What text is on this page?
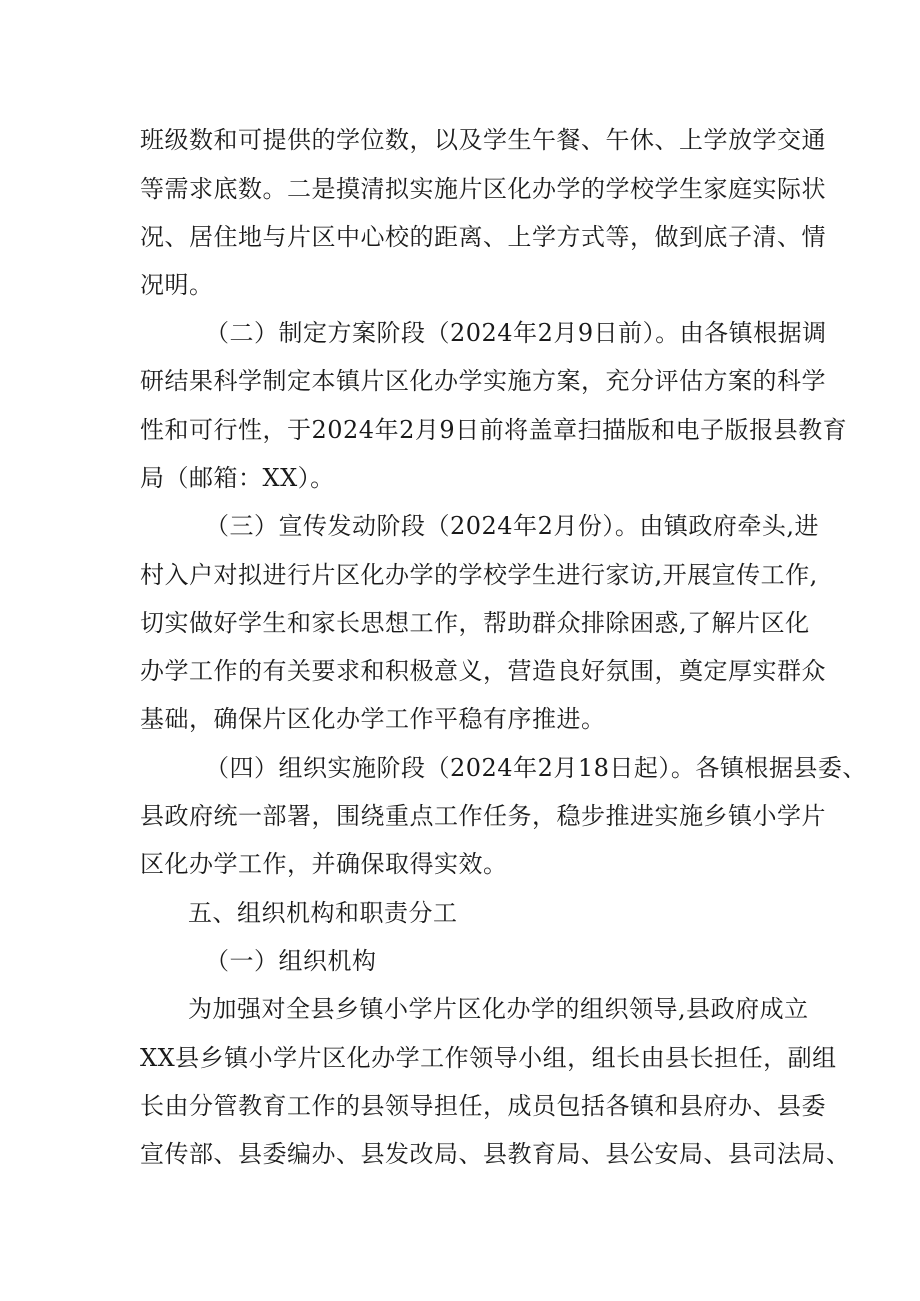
班级数和可提供的学位数，以及学生午餐、午休、上学放学交通
等需求底数。二是摸清拟实施片区化办学的学校学生家庭实际状
况、居住地与片区中心校的距离、上学方式等，做到底子清、情
况明。
（二）制定方案阶段（2024年2月9日前）。由各镇根据调
研结果科学制定本镇片区化办学实施方案，充分评估方案的科学
性和可行性，于2024年2月9日前将盖章扫描版和电子版报县教育
局（邮箱：XX）。
（三）宣传发动阶段（2024年2月份）。由镇政府牵头,进
村入户对拟进行片区化办学的学校学生进行家访,开展宣传工作,
切实做好学生和家长思想工作，帮助群众排除困惑,了解片区化
办学工作的有关要求和积极意义，营造良好氛围，奠定厚实群众
基础，确保片区化办学工作平稳有序推进。
（四）组织实施阶段（2024年2月18日起）。各镇根据县委、
县政府统一部署，围绕重点工作任务，稳步推进实施乡镇小学片
区化办学工作，并确保取得实效。
五、组织机构和职责分工
（一）组织机构
为加强对全县乡镇小学片区化办学的组织领导,县政府成立
XX县乡镇小学片区化办学工作领导小组，组长由县长担任，副组
长由分管教育工作的县领导担任，成员包括各镇和县府办、县委
宣传部、县委编办、县发改局、县教育局、县公安局、县司法局、
